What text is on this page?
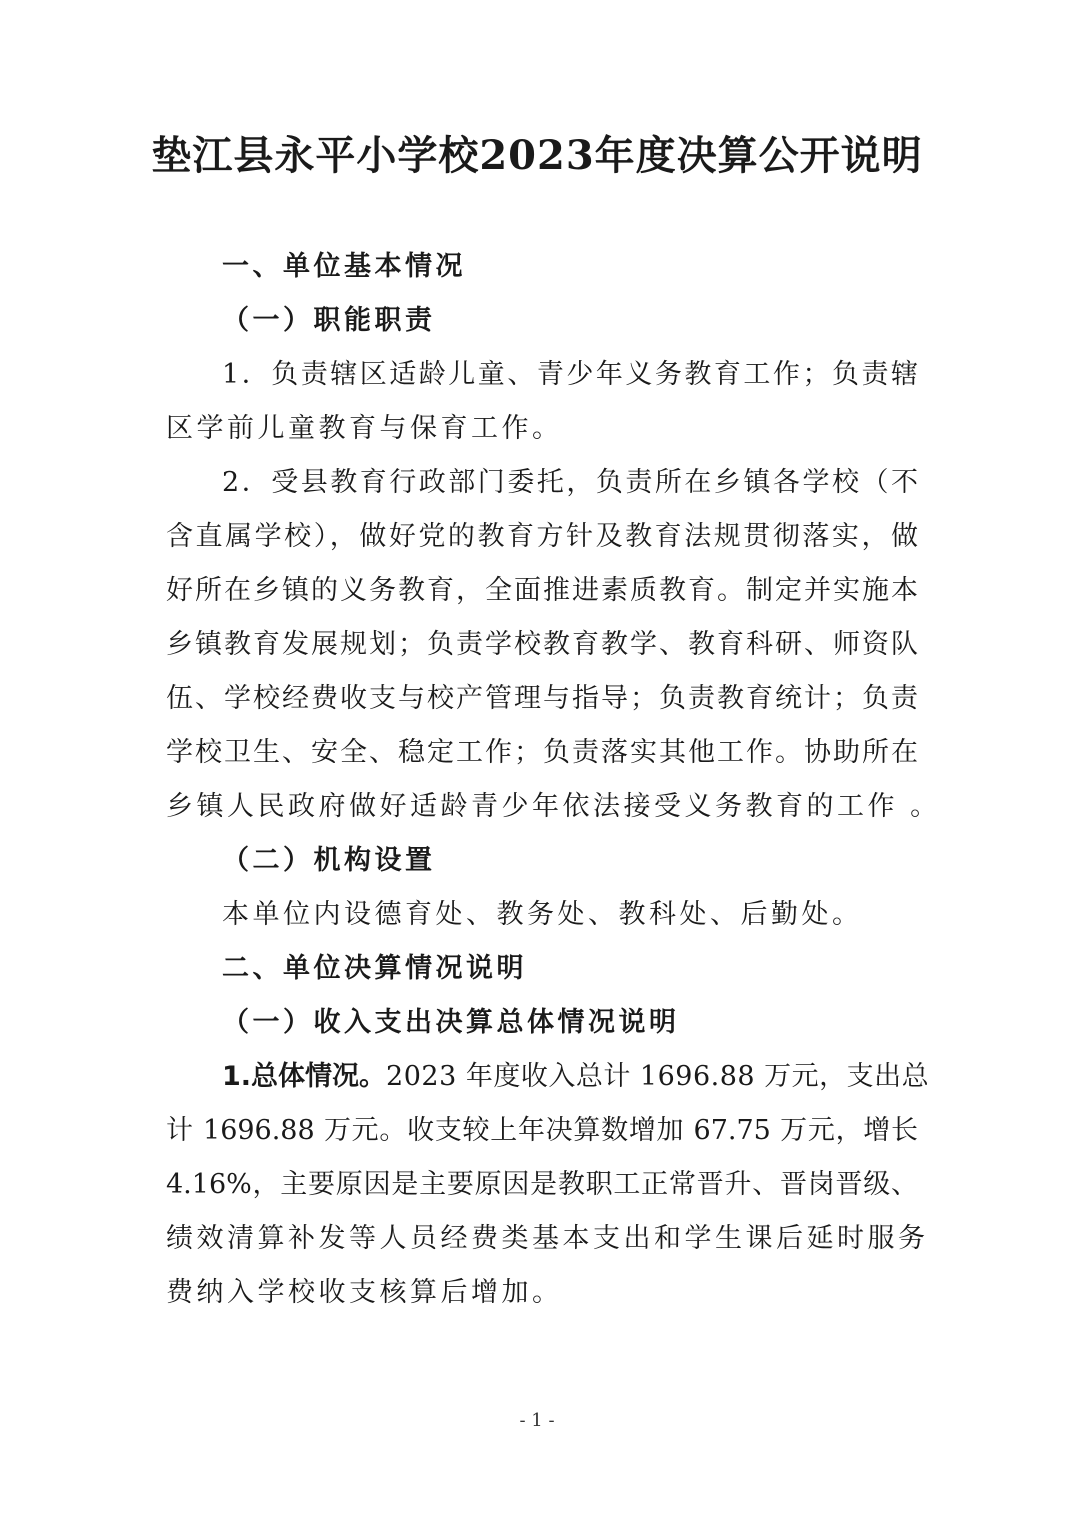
垫江县永平小学校2023年度决算公开说明

一、单位基本情况

（一）职能职责

1．负责辖区适龄儿童、青少年义务教育工作；负责辖

区学前儿童教育与保育工作。

2．受县教育行政部门委托，负责所在乡镇各学校（不

含直属学校），做好党的教育方针及教育法规贯彻落实，做

好所在乡镇的义务教育，全面推进素质教育。制定并实施本

乡镇教育发展规划；负责学校教育教学、教育科研、师资队

伍、学校经费收支与校产管理与指导；负责教育统计；负责

学校卫生、安全、稳定工作；负责落实其他工作。协助所在

乡镇人民政府做好适龄青少年依法接受义务教育的工作 。

（二）机构设置

本单位内设德育处、教务处、教科处、后勤处。

二、单位决算情况说明

（一）收入支出决算总体情况说明

1.总体情况。2023 年度收入总计 1696.88 万元，支出总

计 1696.88 万元。收支较上年决算数增加 67.75 万元，增长

4.16%，主要原因是主要原因是教职工正常晋升、晋岗晋级、

绩效清算补发等人员经费类基本支出和学生课后延时服务

费纳入学校收支核算后增加。

- 1 -
